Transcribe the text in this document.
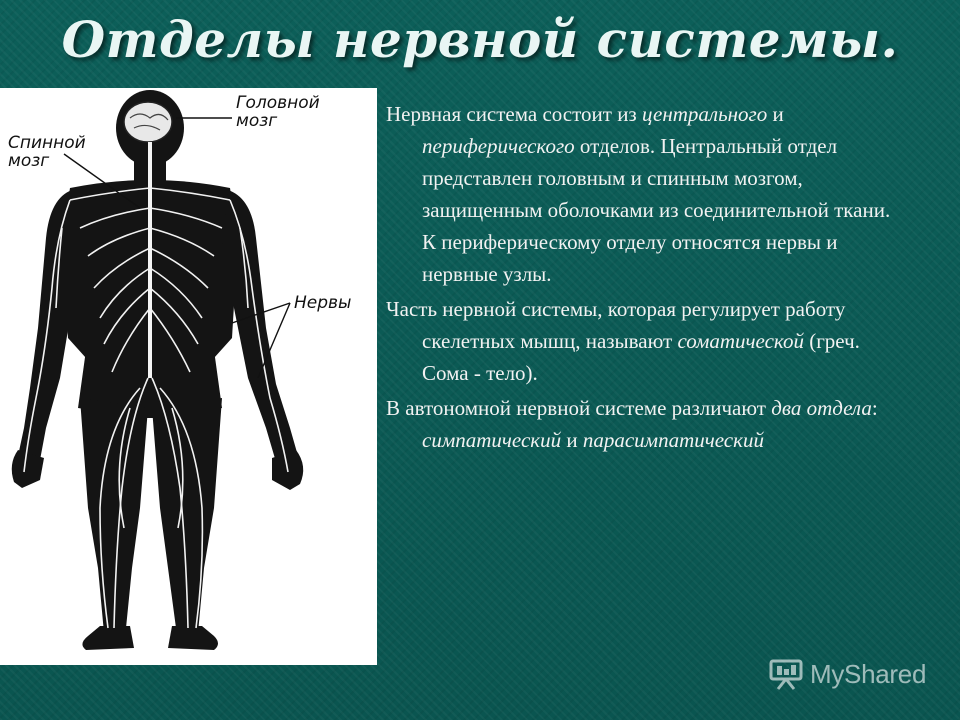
Отделы нервной системы.
Головной
мозг
Спинной
мозг
Нервы

Нервная система состоит из центрального и периферического отделов. Центральный отдел представлен головным и спинным мозгом, защищенным оболочками из соединительной ткани. К периферическому отделу относятся нервы и нервные узлы.

Часть нервной системы, которая регулирует работу скелетных мышц, называют соматической (греч. Сома - тело).

В автономной нервной системе различают два отдела: симпатический и парасимпатический

MyShared
